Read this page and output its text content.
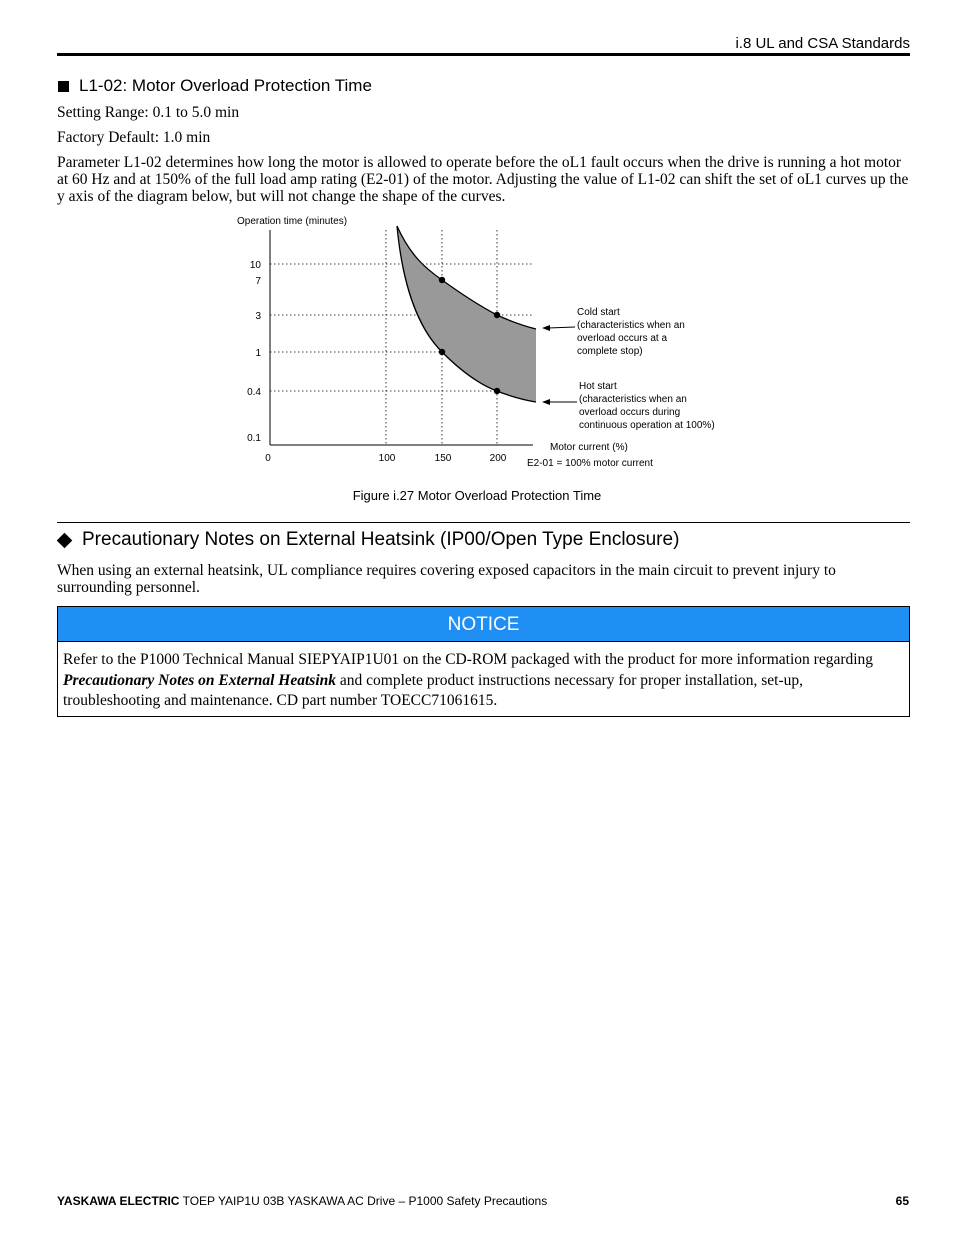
i.8 UL and CSA Standards
L1-02: Motor Overload Protection Time

Setting Range: 0.1 to 5.0 min

Factory Default: 1.0 min

Parameter L1-02 determines how long the motor is allowed to operate before the oL1 fault occurs when the drive is running a hot motor at 60 Hz and at 150% of the full load amp rating (E2-01) of the motor. Adjusting the value of L1-02 can shift the set of oL1 curves up the y axis of the diagram below, but will not change the shape of the curves.

10
7
3
1
0.4
0.1
0	100	150	200
Operation time (minutes)
Motor current (%)
E2-01 = 100% motor current
Cold start
(characteristics when an
overload occurs at a
complete stop)
Hot start
(characteristics when an
overload occurs during
continuous operation at 100%)
Figure i.27 Motor Overload Protection Time
Precautionary Notes on External Heatsink (IP00/Open Type Enclosure)

When using an external heatsink, UL compliance requires covering exposed capacitors in the main circuit to prevent injury to surrounding personnel.

NOTICE
Refer to the P1000 Technical Manual SIEPYAIP1U01 on the CD-ROM packaged with the product for more information regarding Precautionary Notes on External Heatsink and complete product instructions necessary for proper installation, set-up, troubleshooting and maintenance. CD part number TOECC71061615.
YASKAWA ELECTRIC TOEP YAIP1U 03B YASKAWA AC Drive – P1000 Safety Precautions	65
